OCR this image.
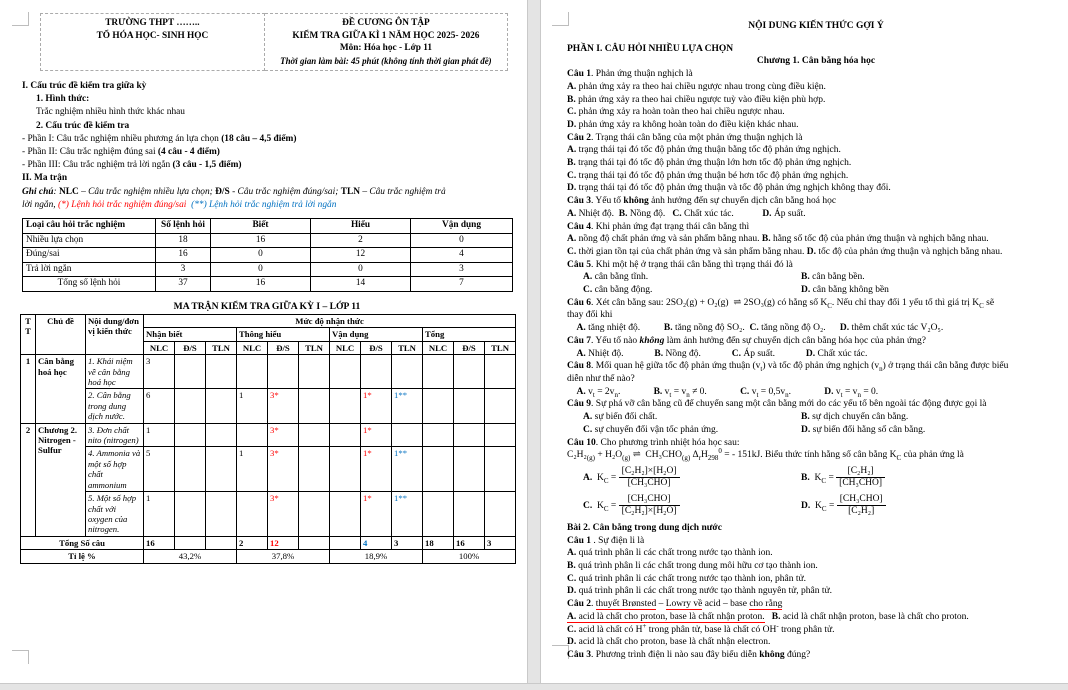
TRƯỜNG THPT ……..
TỔ HÓA HỌC- SINH HỌC

ĐỀ CƯƠNG ÔN TẬP
KIỂM TRA GIỮA KÌ 1 NĂM HỌC 2025- 2026
Môn: Hóa học - Lớp 11
Thời gian làm bài: 45 phút (không tính thời gian phát đề)
I. Cấu trúc đề kiểm tra giữa kỳ
1. Hình thức:
Trắc nghiệm nhiều hình thức khác nhau
2. Cấu trúc đề kiểm tra
- Phần I: Câu trắc nghiệm nhiều phương án lựa chọn (18 câu – 4,5 điểm)
- Phần II: Câu trắc nghiệm đúng sai (4 câu - 4 điểm)
- Phần III: Câu trắc nghiệm trả lời ngắn (3 câu - 1,5 điểm)
II. Ma trận
Ghi chú: NLC – Câu trắc nghiệm nhiều lựa chọn; Đ/S - Câu trắc nghiệm đúng/sai; TLN – Câu trắc nghiệm trả
lời ngắn, (*) Lệnh hỏi trắc nghiệm đúng/sai (**) Lệnh hỏi trắc nghiệm trả lời ngắn
Loại câu hỏi trắc nghiệm	Số lệnh hỏi	Biết	Hiểu	Vận dụng
Nhiều lựa chọn	18	16	2	0
Đúng/sai	16	0	12	4
Trả lời ngắn	3	0	0	3
Tổng số lệnh hỏi	37	16	14	7
MA TRẬN KIỂM TRA GIỮA KỲ I – LỚP 11
T
T	Chủ đề	Nội dung/đơn vị kiến thức	Mức độ nhận thức											
			Nhận biết			Thông hiểu			Vận dụng			Tổng		
			NLC	Đ/S	TLN	NLC	Đ/S	TLN	NLC	Đ/S	TLN	NLC	Đ/S	TLN
1	Cân bằng hoá học	1. Khái niệm về cân bằng hoá học	3											
		2. Cân bằng trong dung dịch nước.	6			1	3*			1*	1**			
2	Chương 2. Nitrogen - Sulfur	3. Đơn chất nito (nitrogen)	1				3*			1*				
		4. Ammonia và một số hợp chất ammonium	5			1	3*			1*	1**			
		5. Một số hợp chất với oxygen của nitrogen.	1				3*			1*	1**			
Tổng Số câu			16			2	12			4	3	18	16	3
Tỉ lệ %			43,2%			37,8%			18,9%			100%		
NỘI DUNG KIẾN THỨC GỢI Ý
PHẦN I. CÂU HỎI NHIỀU LỰA CHỌN
Chương 1. Cân bằng hóa học
Câu 1. Phản ứng thuận nghịch là
A. phản ứng xảy ra theo hai chiều ngược nhau trong cùng điều kiện.
B. phản ứng xảy ra theo hai chiều ngược tuỳ vào điều kiện phù hợp.
C. phản ứng xảy ra hoàn toàn theo hai chiều ngược nhau.
D. phản ứng xảy ra không hoàn toàn do điều kiện khác nhau.
Câu 2. Trạng thái cân bằng của một phản ứng thuận nghịch là
A. trạng thái tại đó tốc độ phản ứng thuận bằng tốc độ phản ứng nghịch.
B. trạng thái tại đó tốc độ phản ứng thuận lớn hơn tốc độ phản ứng nghịch.
C. trạng thái tại đó tốc độ phản ứng thuận bé hơn tốc độ phản ứng nghịch.
D. trạng thái tại đó tốc độ phản ứng thuận và tốc độ phản ứng nghịch không thay đổi.
Câu 3. Yếu tố không ảnh hưởng đến sự chuyển dịch cân bằng hoá học
A. Nhiệt độ.  B. Nồng độ.   C. Chất xúc tác.            D. Áp suất.
Câu 4. Khi phản ứng đạt trạng thái cân bằng thì
A. nồng độ chất phản ứng và sản phẩm bằng nhau. B. hằng số tốc độ của phản ứng thuận và nghịch bằng nhau.
C. thời gian tồn tại của chất phản ứng và sản phẩm bằng nhau. D. tốc độ của phản ứng thuận và nghịch bằng nhau.
Câu 5. Khi một hệ ở trạng thái cân bằng thì trạng thái đó là
A. cân bằng tĩnh.	B. cân bằng bền.
C. cân bằng động.	D. cân bằng không bền
Câu 6. Xét cân bằng sau: 2SO₂(g) + O₂(g)  ⇌ 2SO₃(g) có hằng số $K_C$. Nếu chỉ thay đổi 1 yếu tố thì giá trị $K_C$ sẽ
thay đổi khi
A. tăng nhiệt độ.          B. tăng nồng độ SO₂.  C. tăng nồng độ O₂.      D. thêm chất xúc tác V₂O₅.
Câu 7. Yếu tố nào không làm ảnh hưởng đến sự chuyển dịch cân bằng hóa học của phản ứng?
A. Nhiệt độ.             B. Nồng độ.             C. Áp suất.             D. Chất xúc tác.
Câu 8. Mối quan hệ giữa tốc độ phản ứng thuận $(v_t)$ và tốc độ phản ứng nghịch $(v_n)$ ở trạng thái cân bằng được biểu
diễn như thế nào?
A. $v_t = 2v_n$.              B. $v_t = v_n \ne 0$.              C. $v_t = 0,5v_n$.              D. $v_t = v_n = 0$.
Câu 9. Sự phá vỡ cân bằng cũ để chuyển sang một cân bằng mới do các yếu tố bên ngoài tác động được gọi là
A. sự biến đổi chất.	B. sự dịch chuyển cân bằng.
C. sự chuyển đổi vận tốc phản ứng.	D. sự biến đổi hằng số cân bằng.
Câu 10. Cho phương trình nhiệt hóa học sau:
$C_2H_2_{(g)} + H_2O_{(g)}$ ⇌  $CH_3CHO_{(g)}$ $\Delta_rH_{298}^0$ = - 151kJ. Biểu thức tính hằng số cân bằng $K_C$ của phản ứng là
A.  $K_C = \frac{\text{[C₂H₂]×[H₂O]}}{\text{[CH₃CHO]}}$	B.  $K_C = \frac{\text{[C₂H₂]}}{\text{[CH₃CHO]}}$
C.  $K_C = \frac{\text{[CH₃CHO]}}{\text{[C₂H₂]×[H₂O]}}$	D.  $K_C = \frac{\text{[CH₃CHO]}}{\text{[C₂H₂]}}$
Bài 2. Cân bằng trong dung dịch nước
Câu 1 . Sự điện li là
A. quá trình phân li các chất trong nước tạo thành ion.
B. quá trình phân li các chất trong dung môi hữu cơ tạo thành ion.
C. quá trình phân li các chất trong nước tạo thành ion, phân tử.
D. quá trình phân li các chất trong nước tạo thành nguyên tử, phân tử.
Câu 2. thuyết Brønsted – Lowry về acid – base cho rằng
A. acid là chất cho proton, base là chất nhận proton. B. acid là chất nhận proton, base là chất cho proton.
C. acid là chất có H+ trong phân tử, base là chất có OH- trong phân tử.
D. acid là chất cho proton, base là chất nhận electron.
Câu 3. Phương trình điện li nào sau đây biểu diễn không đúng?
